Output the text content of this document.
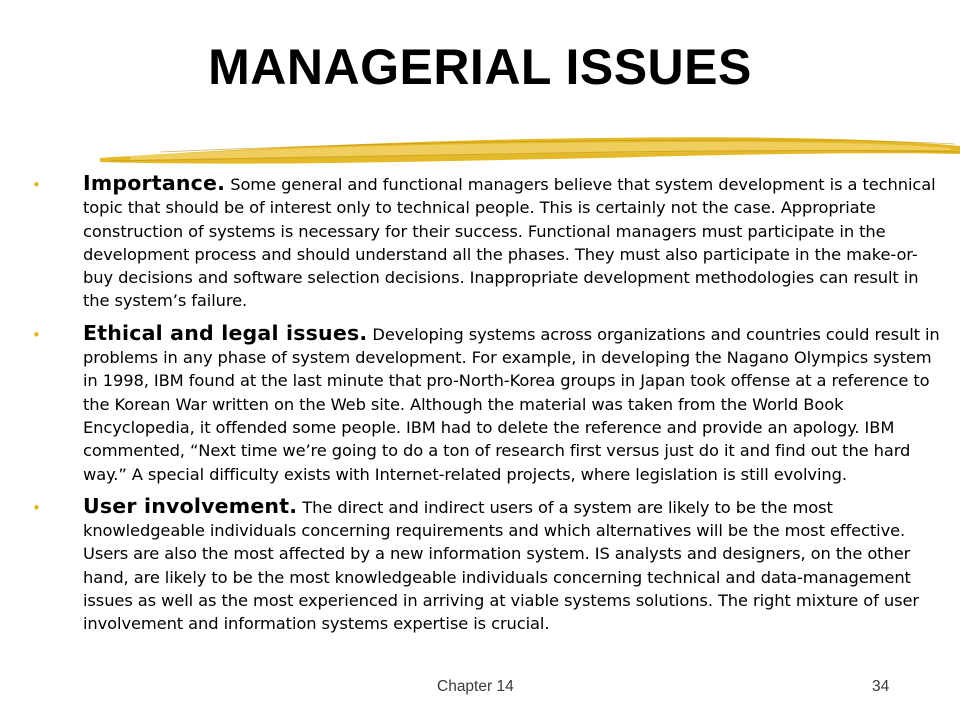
MANAGERIAL ISSUES
• Importance. Some general and functional managers believe that system development is a technical topic that should be of interest only to technical people. This is certainly not the case. Appropriate construction of systems is necessary for their success. Functional managers must participate in the development process and should understand all the phases. They must also participate in the make-or-buy decisions and software selection decisions. Inappropriate development methodologies can result in the system’s failure.
• Ethical and legal issues. Developing systems across organizations and countries could result in problems in any phase of system development. For example, in developing the Nagano Olympics system in 1998, IBM found at the last minute that pro-North-Korea groups in Japan took offense at a reference to the Korean War written on the Web site. Although the material was taken from the World Book Encyclopedia, it offended some people. IBM had to delete the reference and provide an apology. IBM commented, “Next time we’re going to do a ton of research first versus just do it and find out the hard way.” A special difficulty exists with Internet-related projects, where legislation is still evolving.
• User involvement. The direct and indirect users of a system are likely to be the most knowledgeable individuals concerning requirements and which alternatives will be the most effective. Users are also the most affected by a new information system. IS analysts and designers, on the other hand, are likely to be the most knowledgeable individuals concerning technical and data-management issues as well as the most experienced in arriving at viable systems solutions. The right mixture of user involvement and information systems expertise is crucial.
Chapter 14	34
